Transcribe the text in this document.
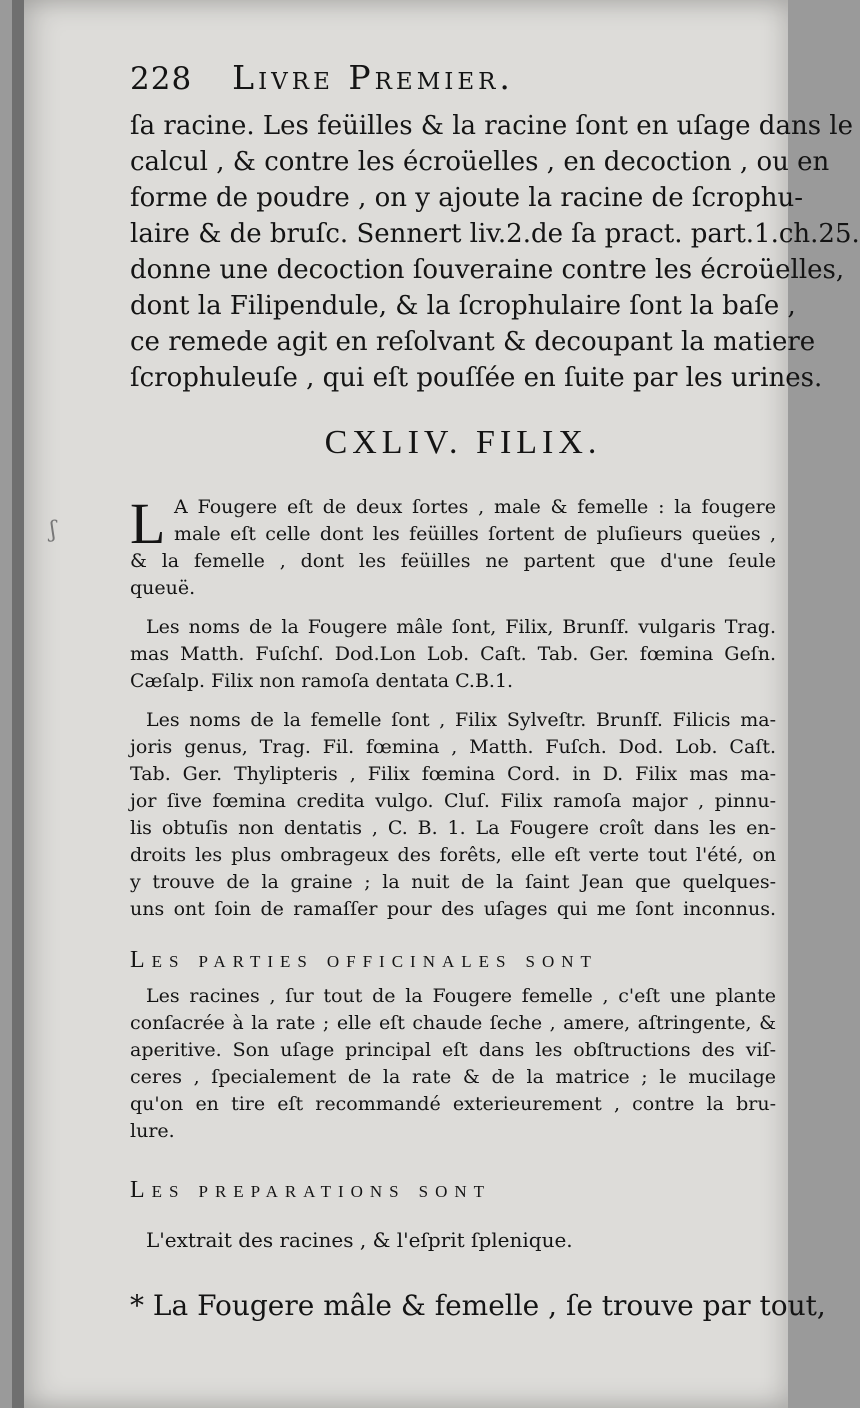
ʃ
228 Livre Premier.
ſa racine. Les feüilles & la racine ſont en uſage dans le
calcul , & contre les écroüelles , en decoction , ou en
forme de poudre , on y ajoute la racine de ſcrophu-
laire & de bruſc. Sennert liv.2.de ſa pract. part.1.ch.25.
donne une decoction ſouveraine contre les écroüelles,
dont la Filipendule, & la ſcrophulaire ſont la baſe ,
ce remede agit en reſolvant & decoupant la matiere
ſcrophuleuſe , qui eſt pouſſée en ſuite par les urines.
CXLIV. FILIX.
L A Fougere eſt de deux ſortes , male & femelle : la fougere
male eſt celle dont les feüilles ſortent de pluſieurs queües ,
& la femelle , dont les feüilles ne partent que d'une ſeule
queuë.
Les noms de la Fougere mâle ſont, Filix, Brunſf. vulgaris Trag.
mas Matth. Fuſchſ. Dod.Lon Lob. Caſt. Tab. Ger. fœmina Geſn.
Cæſalp. Filix non ramoſa dentata C.B.1.
Les noms de la femelle ſont , Filix Sylveſtr. Brunſf. Filicis ma-
joris genus, Trag. Fil. fœmina , Matth. Fuſch. Dod. Lob. Caſt.
Tab. Ger. Thylipteris , Filix fœmina Cord. in D. Filix mas ma-
jor ſive fœmina credita vulgo. Cluſ. Filix ramoſa major , pinnu-
lis obtuſis non dentatis , C. B. 1. La Fougere croît dans les en-
droits les plus ombrageux des forêts, elle eſt verte tout l'été, on
y trouve de la graine ; la nuit de la ſaint Jean que quelques-
uns ont ſoin de ramaſſer pour des uſages qui me ſont inconnus.
Les parties officinales sont
Les racines , ſur tout de la Fougere femelle , c'eſt une plante
conſacrée à la rate ; elle eſt chaude ſeche , amere, aſtringente, &
aperitive. Son uſage principal eſt dans les obſtructions des viſ-
ceres , ſpecialement de la rate & de la matrice ; le mucilage
qu'on en tire eſt recommandé exterieurement , contre la bru-
lure.
Les preparations sont
L'extrait des racines , & l'eſprit ſplenique.
* La Fougere mâle & femelle , ſe trouve par tout,
